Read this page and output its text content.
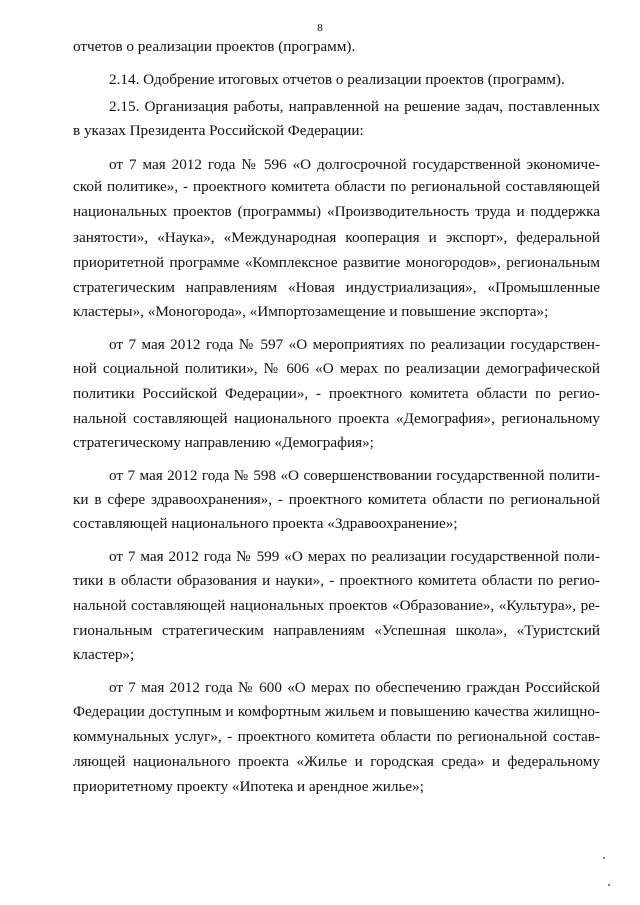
8
отчетов о реализации проектов (программ).
2.14. Одобрение итоговых отчетов о реализации проектов (программ).
2.15. Организация работы, направленной на решение задач, поставленных
в указах Президента Российской Федерации:
от 7 мая 2012 года № 596 «О долгосрочной государственной экономиче-
ской политике», - проектного комитета области по региональной составляющей
национальных проектов (программы) «Производительность труда и поддержка
занятости», «Наука», «Международная кооперация и экспорт», федеральной
приоритетной программе «Комплексное развитие моногородов», региональным
стратегическим направлениям «Новая индустриализация», «Промышленные
кластеры», «Моногорода», «Импортозамещение и повышение экспорта»;
от 7 мая 2012 года № 597 «О мероприятиях по реализации государствен-
ной социальной политики», № 606 «О мерах по реализации демографической
политики Российской Федерации», - проектного комитета области по регио-
нальной составляющей национального проекта «Демография», региональному
стратегическому направлению «Демография»;
от 7 мая 2012 года № 598 «О совершенствовании государственной полити-
ки в сфере здравоохранения», - проектного комитета области по региональной
составляющей национального проекта «Здравоохранение»;
от 7 мая 2012 года № 599 «О мерах по реализации государственной поли-
тики в области образования и науки», - проектного комитета области по регио-
нальной составляющей национальных проектов «Образование», «Культура», ре-
гиональным стратегическим направлениям «Успешная школа», «Туристский
кластер»;
от 7 мая 2012 года № 600 «О мерах по обеспечению граждан Российской
Федерации доступным и комфортным жильем и повышению качества жилищно-
коммунальных услуг», - проектного комитета области по региональной состав-
ляющей национального проекта «Жилье и городская среда» и федеральному
приоритетному проекту «Ипотека и арендное жилье»;
